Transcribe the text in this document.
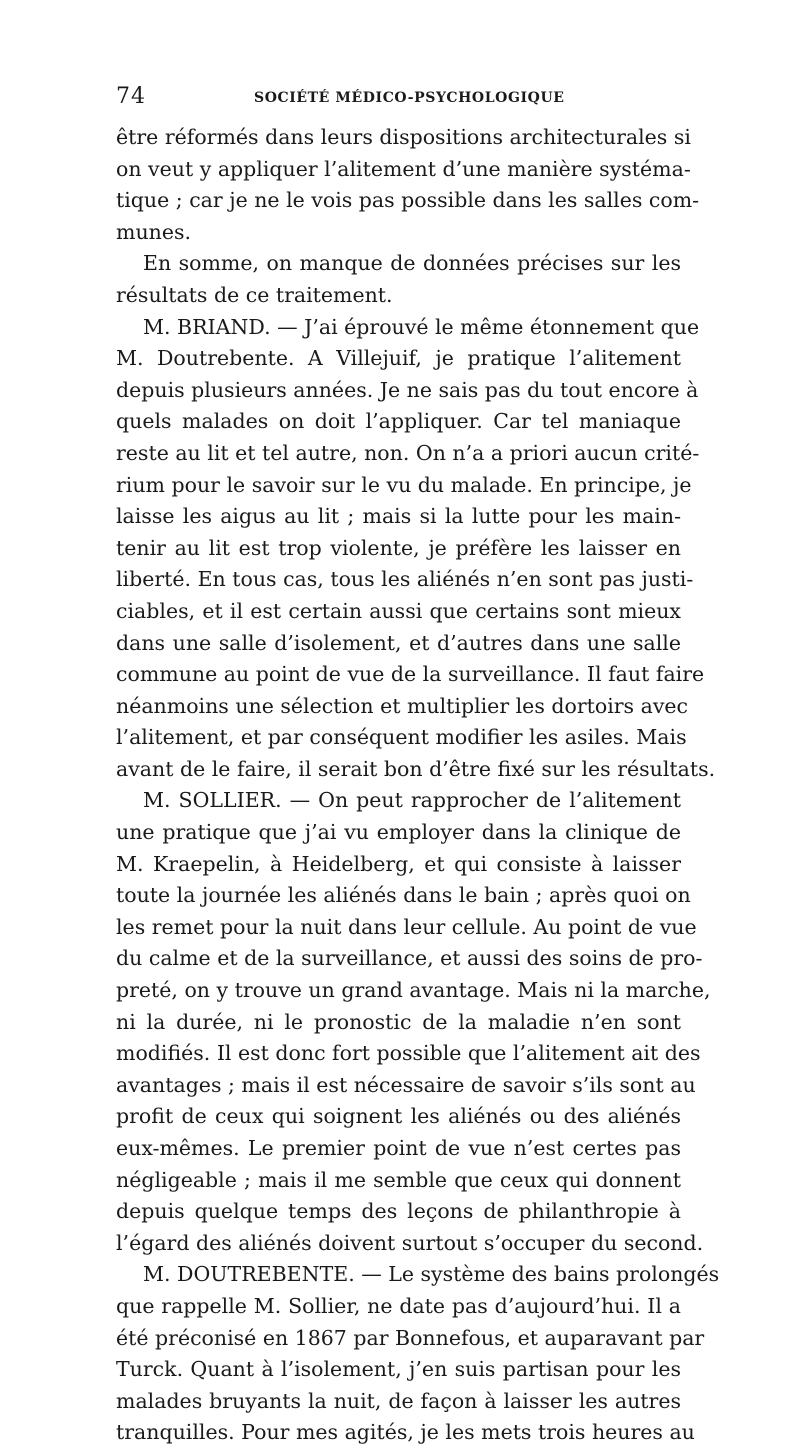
74	SOCIÉTÉ MÉDICO-PSYCHOLOGIQUE
être réformés dans leurs dispositions architecturales si
on veut y appliquer l’alitement d’une manière systéma-
tique ; car je ne le vois pas possible dans les salles com-
munes.
En somme, on manque de données précises sur les
résultats de ce traitement.
M. BRIAND. — J’ai éprouvé le même étonnement que
M. Doutrebente. A Villejuif, je pratique l’alitement
depuis plusieurs années. Je ne sais pas du tout encore à
quels malades on doit l’appliquer. Car tel maniaque
reste au lit et tel autre, non. On n’a a priori aucun crité-
rium pour le savoir sur le vu du malade. En principe, je
laisse les aigus au lit ; mais si la lutte pour les main-
tenir au lit est trop violente, je préfère les laisser en
liberté. En tous cas, tous les aliénés n’en sont pas justi-
ciables, et il est certain aussi que certains sont mieux
dans une salle d’isolement, et d’autres dans une salle
commune au point de vue de la surveillance. Il faut faire
néanmoins une sélection et multiplier les dortoirs avec
l’alitement, et par conséquent modifier les asiles. Mais
avant de le faire, il serait bon d’être fixé sur les résultats.
M. SOLLIER. — On peut rapprocher de l’alitement
une pratique que j’ai vu employer dans la clinique de
M. Kraepelin, à Heidelberg, et qui consiste à laisser
toute la journée les aliénés dans le bain ; après quoi on
les remet pour la nuit dans leur cellule. Au point de vue
du calme et de la surveillance, et aussi des soins de pro-
preté, on y trouve un grand avantage. Mais ni la marche,
ni la durée, ni le pronostic de la maladie n’en sont
modifiés. Il est donc fort possible que l’alitement ait des
avantages ; mais il est nécessaire de savoir s’ils sont au
profit de ceux qui soignent les aliénés ou des aliénés
eux-mêmes. Le premier point de vue n’est certes pas
négligeable ; mais il me semble que ceux qui donnent
depuis quelque temps des leçons de philanthropie à
l’égard des aliénés doivent surtout s’occuper du second.
M. DOUTREBENTE. — Le système des bains prolongés
que rappelle M. Sollier, ne date pas d’aujourd’hui. Il a
été préconisé en 1867 par Bonnefous, et auparavant par
Turck. Quant à l’isolement, j’en suis partisan pour les
malades bruyants la nuit, de façon à laisser les autres
tranquilles. Pour mes agités, je les mets trois heures au
